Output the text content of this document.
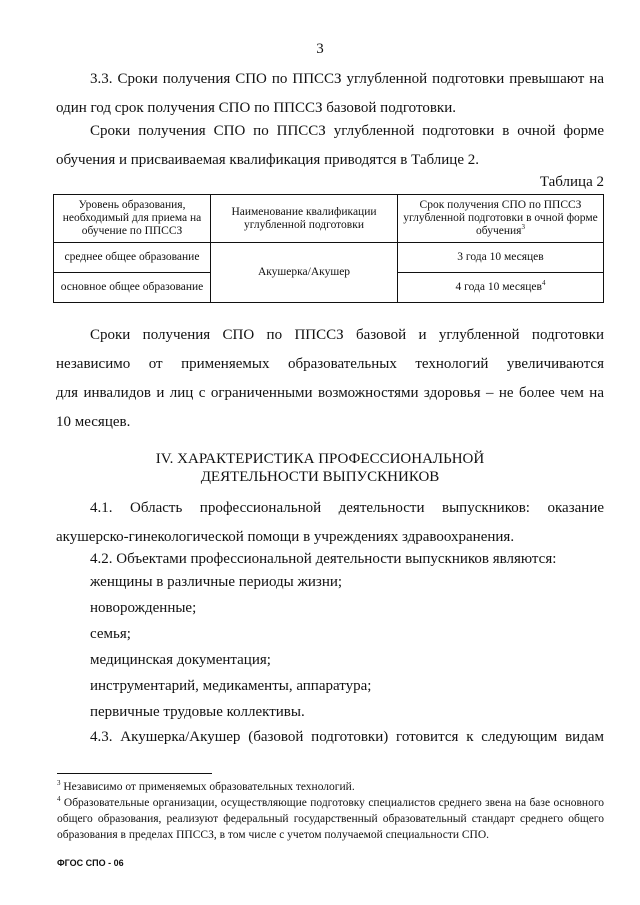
3
3.3. Сроки получения СПО по ППССЗ углубленной подготовки превышают на
один год срок получения СПО по ППССЗ базовой подготовки.
Сроки получения СПО по ППССЗ углубленной подготовки в очной форме
обучения и присваиваемая квалификация приводятся в Таблице 2.
Таблица 2
Уровень образования, необходимый для приема на обучение по ППССЗ	Наименование квалификации углубленной подготовки	Срок получения СПО по ППССЗ углубленной подготовки в очной форме обучения$^3$
среднее общее образование	Акушерка/Акушер	3 года 10 месяцев
основное общее образование		4 года 10 месяцев$^4$
Сроки получения СПО по ППССЗ базовой и углубленной подготовки
независимо от применяемых образовательных технологий увеличиваются
для инвалидов и лиц с ограниченными возможностями здоровья – не более чем на
10 месяцев.
IV. ХАРАКТЕРИСТИКА ПРОФЕССИОНАЛЬНОЙ
ДЕЯТЕЛЬНОСТИ ВЫПУСКНИКОВ
4.1. Область профессиональной деятельности выпускников: оказание
акушерско-гинекологической помощи в учреждениях здравоохранения.
4.2. Объектами профессиональной деятельности выпускников являются:
женщины в различные периоды жизни;
новорожденные;
семья;
медицинская документация;
инструментарий, медикаменты, аппаратура;
первичные трудовые коллективы.
4.3. Акушерка/Акушер (базовой подготовки) готовится к следующим видам

$^3$ Независимо от применяемых образовательных технологий.

$^4$ Образовательные организации, осуществляющие подготовку специалистов среднего звена на базе основного общего образования, реализуют федеральный государственный образовательный стандарт среднего общего образования в пределах ППССЗ, в том числе с учетом получаемой специальности СПО.

ФГОС СПО - 06
